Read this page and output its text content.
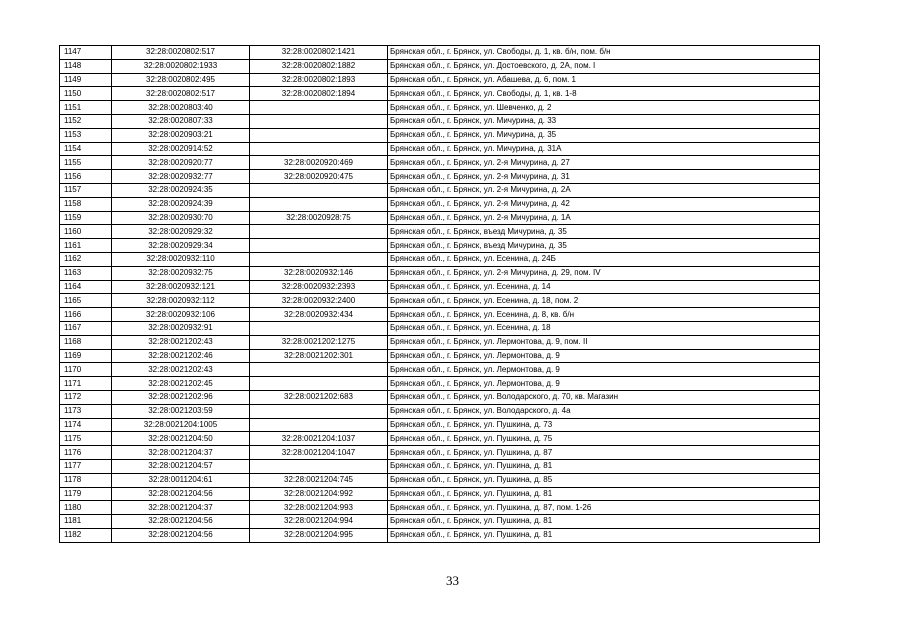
1147	32:28:0020802:517	32:28:0020802:1421	Брянская обл., г. Брянск, ул. Свободы, д. 1, кв. б/н, пом. б/н
1148	32:28:0020802:1933	32:28:0020802:1882	Брянская обл., г. Брянск, ул. Достоевского, д. 2А, пом. I
1149	32:28:0020802:495	32:28:0020802:1893	Брянская обл., г. Брянск, ул. Абашева, д. 6, пом. 1
1150	32:28:0020802:517	32:28:0020802:1894	Брянская обл., г. Брянск, ул. Свободы, д. 1, кв. 1-8
1151	32:28:0020803:40		Брянская обл., г. Брянск, ул. Шевченко, д. 2
1152	32:28:0020807:33		Брянская обл., г. Брянск, ул. Мичурина, д. 33
1153	32:28:0020903:21		Брянская обл., г. Брянск, ул. Мичурина, д. 35
1154	32:28:0020914:52		Брянская обл., г. Брянск, ул. Мичурина, д. 31А
1155	32:28:0020920:77	32:28:0020920:469	Брянская обл., г. Брянск, ул. 2-я Мичурина, д. 27
1156	32:28:0020932:77	32:28:0020920:475	Брянская обл., г. Брянск, ул. 2-я Мичурина, д. 31
1157	32:28:0020924:35		Брянская обл., г. Брянск, ул. 2-я Мичурина, д. 2А
1158	32:28:0020924:39		Брянская обл., г. Брянск, ул. 2-я Мичурина, д. 42
1159	32:28:0020930:70	32:28:0020928:75	Брянская обл., г. Брянск, ул. 2-я Мичурина, д. 1А
1160	32:28:0020929:32		Брянская обл., г. Брянск, въезд Мичурина, д. 35
1161	32:28:0020929:34		Брянская обл., г. Брянск, въезд Мичурина, д. 35
1162	32:28:0020932:110		Брянская обл., г. Брянск, ул. Есенина, д. 24Б
1163	32:28:0020932:75	32:28:0020932:146	Брянская обл., г. Брянск, ул. 2-я Мичурина, д. 29, пом. IV
1164	32:28:0020932:121	32:28:0020932:2393	Брянская обл., г. Брянск, ул. Есенина, д. 14
1165	32:28:0020932:112	32:28:0020932:2400	Брянская обл., г. Брянск, ул. Есенина, д. 18, пом. 2
1166	32:28:0020932:106	32:28:0020932:434	Брянская обл., г. Брянск, ул. Есенина, д. 8, кв. б/н
1167	32:28:0020932:91		Брянская обл., г. Брянск, ул. Есенина, д. 18
1168	32:28:0021202:43	32:28:0021202:1275	Брянская обл., г. Брянск, ул. Лермонтова, д. 9, пом. II
1169	32:28:0021202:46	32:28:0021202:301	Брянская обл., г. Брянск, ул. Лермонтова, д. 9
1170	32:28:0021202:43		Брянская обл., г. Брянск, ул. Лермонтова, д. 9
1171	32:28:0021202:45		Брянская обл., г. Брянск, ул. Лермонтова, д. 9
1172	32:28:0021202:96	32:28:0021202:683	Брянская обл., г. Брянск, ул. Володарского, д. 70, кв. Магазин
1173	32:28:0021203:59		Брянская обл., г. Брянск, ул. Володарского, д. 4а
1174	32:28:0021204:1005		Брянская обл., г. Брянск, ул. Пушкина, д. 73
1175	32:28:0021204:50	32:28:0021204:1037	Брянская обл., г. Брянск, ул. Пушкина, д. 75
1176	32:28:0021204:37	32:28:0021204:1047	Брянская обл., г. Брянск, ул. Пушкина, д. 87
1177	32:28:0021204:57		Брянская обл., г. Брянск, ул. Пушкина, д. 81
1178	32:28:0011204:61	32:28:0021204:745	Брянская обл., г. Брянск, ул. Пушкина, д. 85
1179	32:28:0021204:56	32:28:0021204:992	Брянская обл., г. Брянск, ул. Пушкина, д. 81
1180	32:28:0021204:37	32:28:0021204:993	Брянская обл., г. Брянск, ул. Пушкина, д. 87, пом. 1-26
1181	32:28:0021204:56	32:28:0021204:994	Брянская обл., г. Брянск, ул. Пушкина, д. 81
1182	32:28:0021204:56	32:28:0021204:995	Брянская обл., г. Брянск, ул. Пушкина, д. 81
33
